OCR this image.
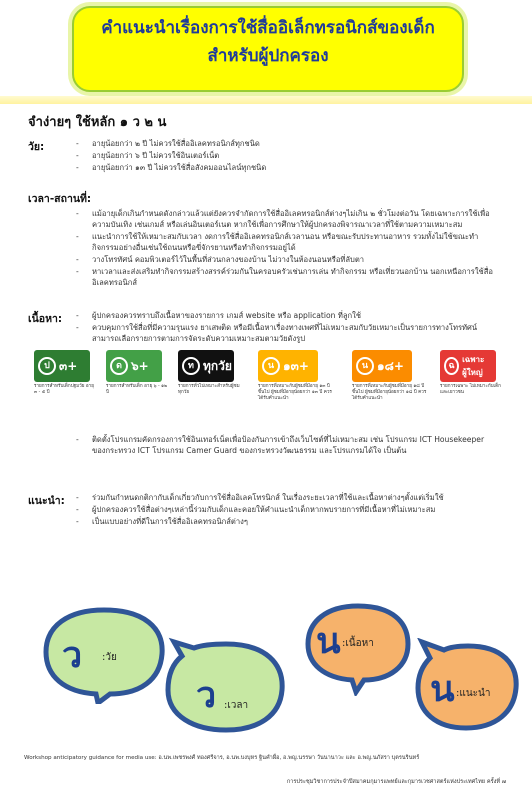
คำแนะนำเรื่องการใช้สื่ออิเล็กทรอนิกส์ของเด็ก
สำหรับผู้ปกครอง
จำง่ายๆ ใช้หลัก ๑ ว ๒ น
วัย:	- อายุน้อยกว่า ๒ ปี ไม่ควรใช้สื่ออิเลคทรอนิกส์ทุกชนิด
- อายุน้อยกว่า ๖ ปี ไม่ควรใช้อินเตอร์เน็ต
- อายุน้อยกว่า ๑๓ ปี ไม่ควรใช้สื่อสังคมออนไลน์ทุกชนิด
เวลา-สถานที่:
- แม้อายุเด็กเกินกำหนดดังกล่าวแล้วแต่ยังควรจำกัดการใช้สื่ออิเลคทรอนิกส์ต่างๆไม่เกิน ๒ ชั่วโมงต่อวัน โดยเฉพาะการใช้เพื่อความบันเทิง เช่นเกมส์ หรือเล่นอินเตอร์เนต หากใช้เพื่อการศึกษาให้ผู้ปกครองพิจารณาเวลาที่ใช้ตามความเหมาะสม
- แนะนำการใช้ให้เหมาะสมกับเวลา งดการใช้สื่ออิเลคทรอนิกส์เวลานอน หรือขณะรับประทานอาหาร รวมทั้งไม่ใช้ขณะทำกิจกรรมอย่างอื่นเช่นใช้ถนนหรือขี่จักรยานหรือทำกิจกรรมอยู่ได้
- วางโทรทัศน์ คอมพิวเตอร์ไว้ในพื้นที่ส่วนกลางของบ้าน ไม่วางในห้องนอนหรือที่ลับตา
- หาเวลาและส่งเสริมทำกิจกรรมสร้างสรรค์ร่วมกันในครอบครัวเช่นการเล่น ทำกิจกรรม หรือเที่ยวนอกบ้าน นอกเหนือการใช้สื่ออิเลคทรอนิกส์
เนื้อหา:	- ผู้ปกครองควรทราบถึงเนื้อหาของรายการ เกมส์ website หรือ application ที่ลูกใช้
- ควบคุมการใช้สื่อที่มีความรุนแรง ยาเสพติด หรือมีเนื้อหาเรื่องทางเพศที่ไม่เหมาะสมกับวัยเหมาะเป็นรายการทางโทรทัศน์สามารถเลือกรายการตามการจัดระดับความเหมาะสมตามวัยดังรูป
ป ๓+
รายการสำหรับเด็กปฐมวัย อายุ ๓ - ๕ ปี
ด ๖+
รายการสำหรับเด็ก อายุ ๖ - ๑๒ ปี
ท ทุกวัย
รายการทั่วไปเหมาะสำหรับผู้ชมทุกวัย
น ๑๓+
รายการที่เหมาะกับผู้ชมที่มีอายุ ๑๓ ปีขึ้นไป ผู้ชมที่มีอายุน้อยกว่า ๑๓ ปี ควรได้รับคำแนะนำ
น ๑๘+
รายการที่เหมาะกับผู้ชมที่มีอายุ ๑๘ ปีขึ้นไป ผู้ชมที่มีอายุน้อยกว่า ๑๘ ปี ควรได้รับคำแนะนำ
ฉ
เฉพาะผู้ใหญ่
รายการเฉพาะ ไม่เหมาะกับเด็กและเยาวชน
- ติดตั้งโปรแกรมคัดกรองการใช้อินเทอร์เน็ตเพื่อป้องกันการเข้าถึงเว็บไซต์ที่ไม่เหมาะสม เช่น โปรแกรม ICT Housekeeper ของกระทรวง ICT โปรแกรม Camer Guard ของกระทรวงวัฒนธรรม และโปรแกรมได้ใจ เป็นต้น
แนะนำ:	- ร่วมกันกำหนดกติกากับเด็กเกี่ยวกับการใช้สื่ออิเลคโทรนิกส์ ในเรื่องระยะเวลาที่ใช้และเนื้อหาต่างๆตั้งแต่เริ่มใช้
- ผู้ปกครองควรใช้สื่อต่างๆเหล่านี้ร่วมกับเด็กและคอยให้คำแนะนำเด็กหากพบรายการที่มีเนื้อหาที่ไม่เหมาะสม
- เป็นแบบอย่างที่ดีในการใช้สื่ออิเลคทรอนิกส์ต่างๆ
ว :วัย
ว :เวลา
น :เนื้อหา
น :แนะนำ
Workshop anticipatory guidance for media use: อ.นพ.เพชรพงศ์ ทองศรีจาร, อ.นพ.บงบุหร ฐินคำผื่อ, อ.พญ.นรรษา วันนานาวะ และ อ.พญ.นภัสรา บุตรนรินทร์
การประชุมวิชาการประจำปีสมาคมกุมารแพทย์และกุมารเวชศาสตร์แห่งประเทศไทย ครั้งที่ ๗
